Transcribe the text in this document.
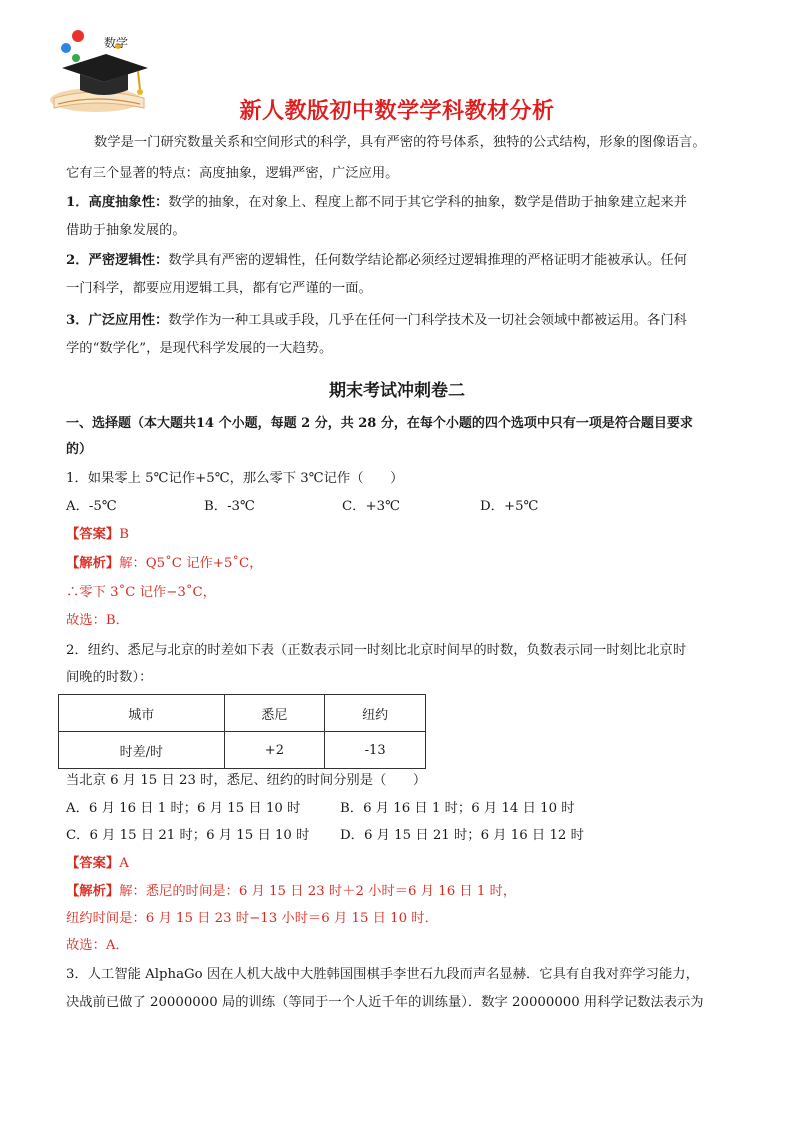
数学
新人教版初中数学学科教材分析
数学是一门研究数量关系和空间形式的科学，具有严密的符号体系，独特的公式结构，形象的图像语言。
它有三个显著的特点：高度抽象，逻辑严密，广泛应用。
1．高度抽象性：数学的抽象，在对象上、程度上都不同于其它学科的抽象，数学是借助于抽象建立起来并
借助于抽象发展的。
2．严密逻辑性：数学具有严密的逻辑性，任何数学结论都必须经过逻辑推理的严格证明才能被承认。任何
一门科学，都要应用逻辑工具，都有它严谨的一面。
3．广泛应用性：数学作为一种工具或手段，几乎在任何一门科学技术及一切社会领域中都被运用。各门科
学的“数学化”，是现代科学发展的一大趋势。
期末考试冲刺卷二
一、选择题（本大题共14 个小题，每题 2 分，共 28 分，在每个小题的四个选项中只有一项是符合题目要求
的）
1．如果零上 5℃记作+5℃，那么零下 3℃记作（　　）
A．-5℃	B．-3℃	C．+3℃	D．+5℃
【答案】B
【解析】解：Q5˚C 记作+5˚C，
∴零下 3˚C 记作−3˚C，
故选：B．
2．纽约、悉尼与北京的时差如下表（正数表示同一时刻比北京时间早的时数，负数表示同一时刻比北京时
间晚的时数）：
城市	悉尼	纽约
时差/时	+2	-13
当北京 6 月 15 日 23 时，悉尼、纽约的时间分别是（　　）
A．6 月 16 日 1 时；6 月 15 日 10 时	B．6 月 16 日 1 时；6 月 14 日 10 时
C．6 月 15 日 21 时；6 月 15 日 10 时 D．6 月 15 日 21 时；6 月 16 日 12 时
【答案】A
【解析】解：悉尼的时间是：6 月 15 日 23 时＋2 小时＝6 月 16 日 1 时，
纽约时间是：6 月 15 日 23 时−13 小时＝6 月 15 日 10 时．
故选：A．
3．人工智能 AlphaGo 因在人机大战中大胜韩国围棋手李世石九段而声名显赫．它具有自我对弈学习能力，
决战前已做了 20000000 局的训练（等同于一个人近千年的训练量）．数字 20000000 用科学记数法表示为
